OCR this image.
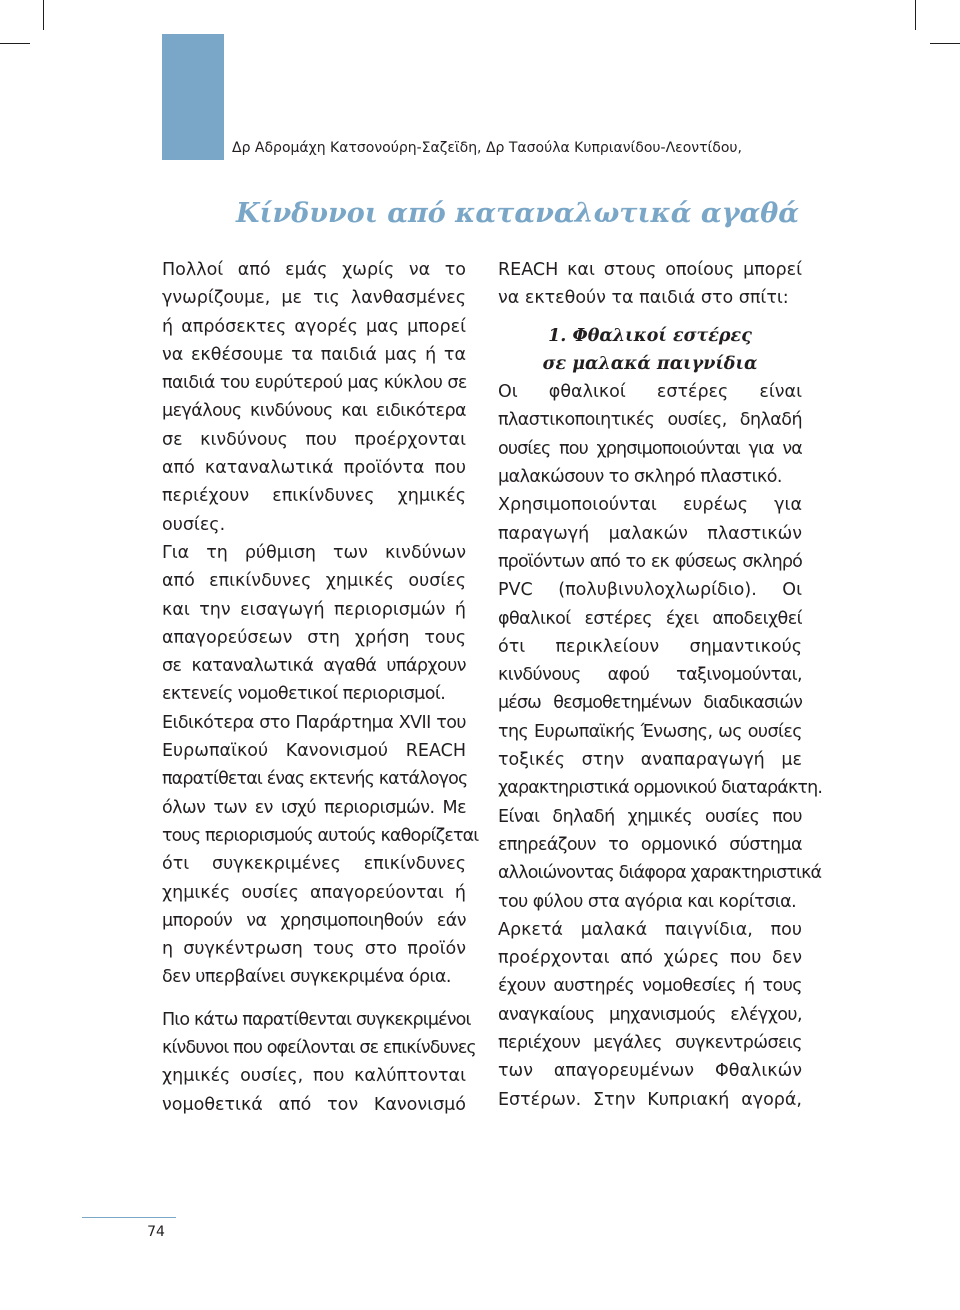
Δρ Αδρομάχη Κατσονούρη-Σαζεϊδη, Δρ Τασούλα Κυπριανίδου-Λεοντίδου,
Κίνδυνοι από καταναλωτικά αγαθά
Πολλοί από εμάς χωρίς να το
γνωρίζουμε, με τις λανθασμένες
ή απρόσεκτες αγορές μας μπορεί
να εκθέσουμε τα παιδιά μας ή τα
παιδιά του ευρύτερού μας κύκλου σε
μεγάλους κινδύνους και ειδικότερα
σε κινδύνους που προέρχονται
από καταναλωτικά προϊόντα που
περιέχουν επικίνδυνες χημικές
ουσίες.
Για τη ρύθμιση των κινδύνων
από επικίνδυνες χημικές ουσίες
και την εισαγωγή περιορισμών ή
απαγορεύσεων στη χρήση τους
σε καταναλωτικά αγαθά υπάρχουν
εκτενείς νομοθετικοί περιορισμοί.
Ειδικότερα στο Παράρτημα XVII του
Ευρωπαϊκού Κανονισμού REACH
παρατίθεται ένας εκτενής κατάλογος
όλων των εν ισχύ περιορισμών. Με
τους περιορισμούς αυτούς καθορίζεται
ότι συγκεκριμένες επικίνδυνες
χημικές ουσίες απαγορεύονται ή
μπορούν να χρησιμοποιηθούν εάν
η συγκέντρωση τους στο προϊόν
δεν υπερβαίνει συγκεκριμένα όρια.
Πιο κάτω παρατίθενται συγκεκριμένοι
κίνδυνοι που οφείλονται σε επικίνδυνες
χημικές ουσίες, που καλύπτονται
νομοθετικά από τον Κανονισμό
REACH και στους οποίους μπορεί
να εκτεθούν τα παιδιά στο σπίτι:
1. Φθαλικοί εστέρες
σε μαλακά παιγνίδια
Οι φθαλικοί εστέρες είναι
πλαστικοποιητικές ουσίες, δηλαδή
ουσίες που χρησιμοποιούνται για να
μαλακώσουν το σκληρό πλαστικό.
Χρησιμοποιούνται ευρέως για
παραγωγή μαλακών πλαστικών
προϊόντων από το εκ φύσεως σκληρό
PVC (πολυβινυλοχλωρίδιο). Οι
φθαλικοί εστέρες έχει αποδειχθεί
ότι περικλείουν σημαντικούς
κινδύνους αφού ταξινομούνται,
μέσω θεσμοθετημένων διαδικασιών
της Ευρωπαϊκής Ένωσης, ως ουσίες
τοξικές στην αναπαραγωγή με
χαρακτηριστικά ορμονικού διαταράκτη.
Είναι δηλαδή χημικές ουσίες που
επηρεάζουν το ορμονικό σύστημα
αλλοιώνοντας διάφορα χαρακτηριστικά
του φύλου στα αγόρια και κορίτσια.
Αρκετά μαλακά παιγνίδια, που
προέρχονται από χώρες που δεν
έχουν αυστηρές νομοθεσίες ή τους
αναγκαίους μηχανισμούς ελέγχου,
περιέχουν μεγάλες συγκεντρώσεις
των απαγορευμένων Φθαλικών
Εστέρων. Στην Κυπριακή αγορά,
74
